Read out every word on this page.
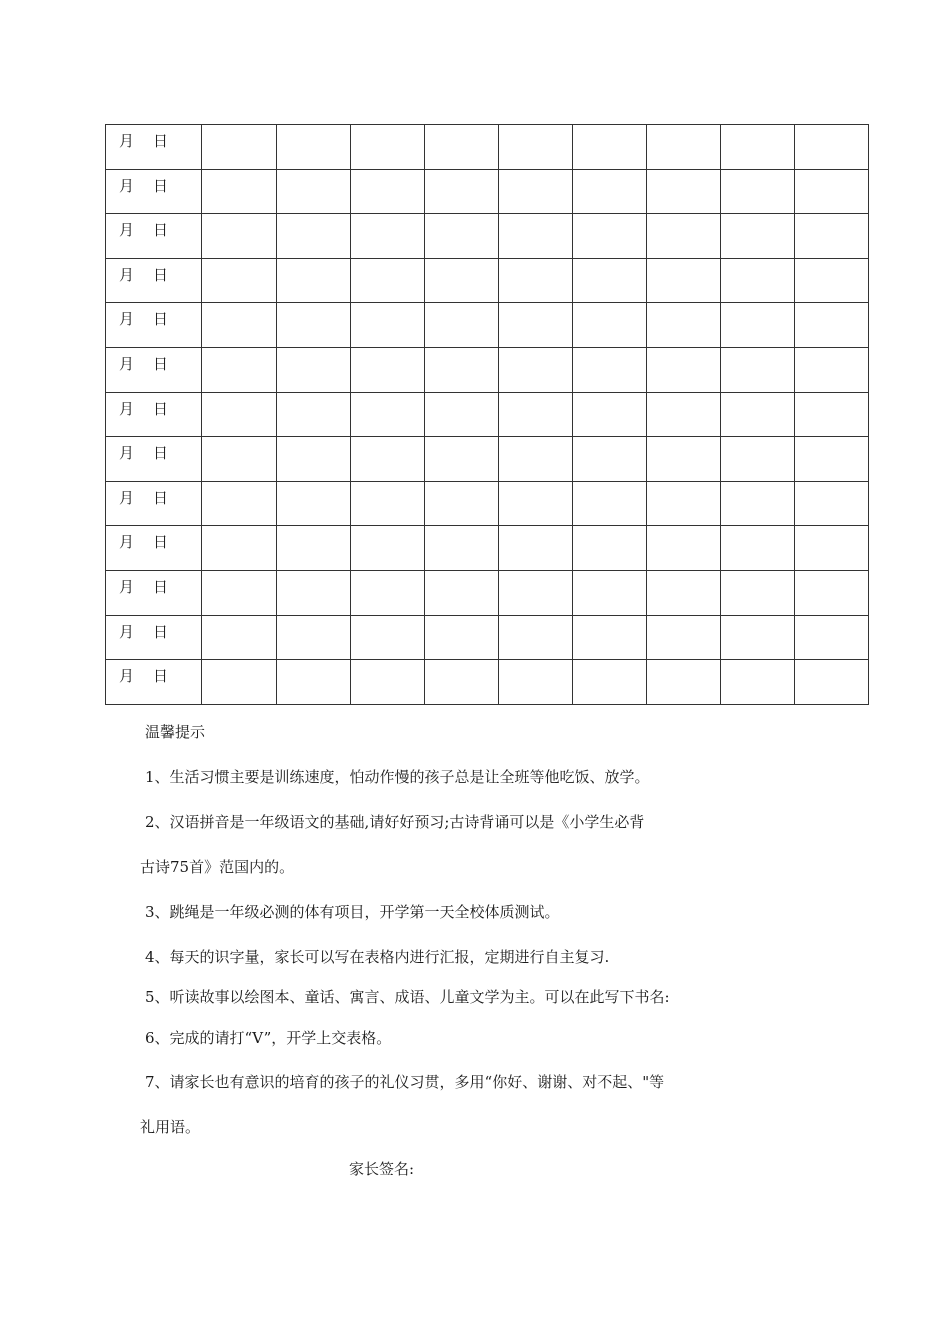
月 日									
月 日									
月 日									
月 日									
月 日									
月 日									
月 日									
月 日									
月 日									
月 日									
月 日									
月 日									
月 日									
温馨提示
1、生活习惯主要是训练速度，怕动作慢的孩子总是让全班等他吃饭、放学。
2、汉语拼音是一年级语文的基础,请好好预习;古诗背诵可以是《小学生必背
古诗75首》范国内的。
3、跳绳是一年级必测的体有项目，开学第一天全校体质测试。
4、每天的识字量，家长可以写在表格内进行汇报，定期进行自主复习.
5、听读故事以绘图本、童话、寓言、成语、儿童文学为主。可以在此写下书名:
6、完成的请打“V”，开学上交表格。
7、请家长也有意识的培育的孩子的礼仪习贯，多用“你好、谢谢、对不起、"等
礼用语。
家长签名:
